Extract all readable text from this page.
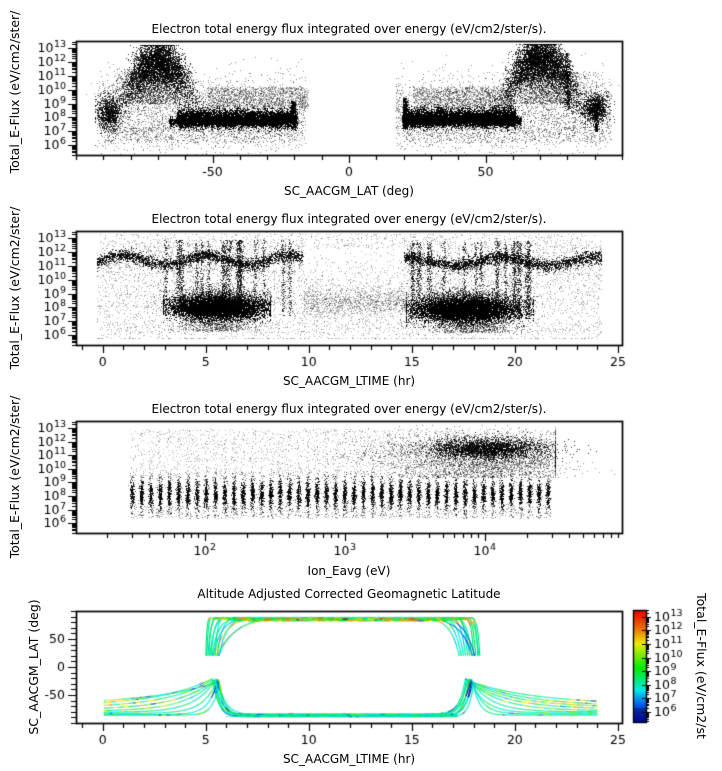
Electron total energy flux integrated over energy (eV/cm2/ster/s).
Electron total energy flux integrated over energy (eV/cm2/ster/s).
Electron total energy flux integrated over energy (eV/cm2/ster/s).
Altitude Adjusted Corrected Geomagnetic Latitude
SC_AACGM_LAT (deg)
SC_AACGM_LTIME (hr)
Ion_Eavg (eV)
SC_AACGM_LTIME (hr)
Total_E-Flux (eV/cm2/ster/
Total_E-Flux (eV/cm2/ster/
Total_E-Flux (eV/cm2/ster/
SC_AACGM_LAT (deg)	Total_E-Flux (eV/cm2/st
